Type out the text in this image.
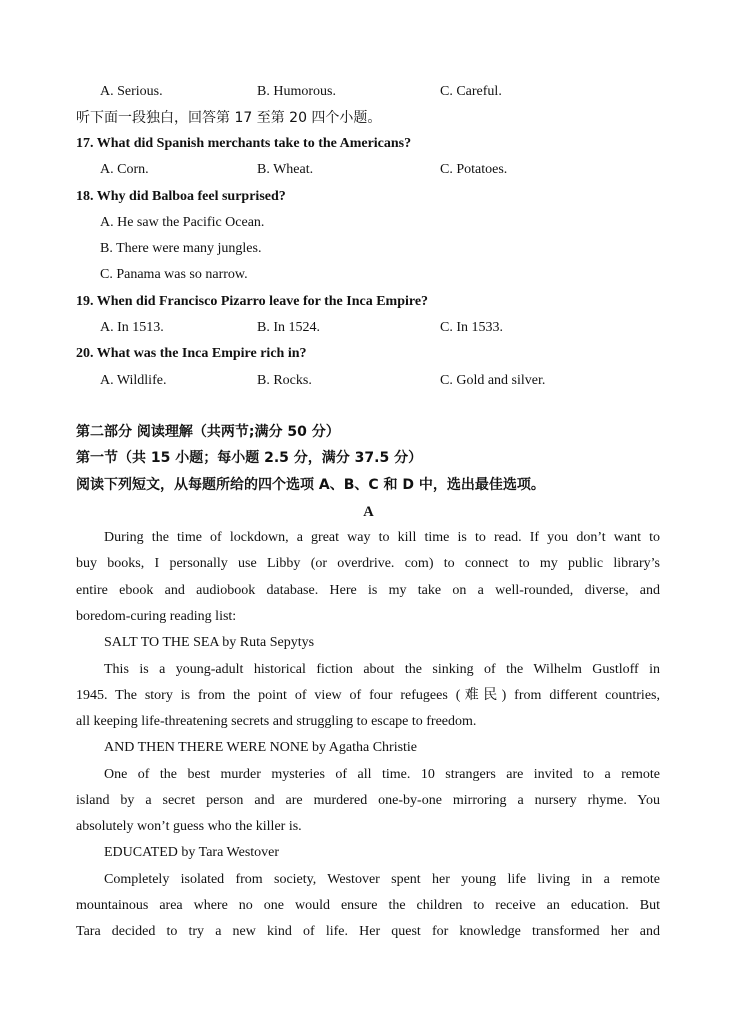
A. Serious.	B. Humorous.	C. Careful.
听下面一段独白，回答第 17 至第 20 四个小题。
17. What did Spanish merchants take to the Americans?
A. Corn.	B. Wheat.	C. Potatoes.
18. Why did Balboa feel surprised?
A. He saw the Pacific Ocean.
B. There were many jungles.
C. Panama was so narrow.
19. When did Francisco Pizarro leave for the Inca Empire?
A. In 1513.	B. In 1524.	C. In 1533.
20. What was the Inca Empire rich in?
A. Wildlife.	B. Rocks.	C. Gold and silver.
第二部分 阅读理解（共两节;满分 50 分）
第一节（共 15 小题；每小题 2.5 分，满分 37.5 分）
阅读下列短文，从每题所给的四个选项 A、B、C 和 D 中，选出最佳选项。
A
During the time of lockdown, a great way to kill time is to read. If you don’t want to
buy books, I personally use Libby (or overdrive. com) to connect to my public library’s
entire ebook and audiobook database. Here is my take on a well-rounded, diverse, and
boredom-curing reading list:
SALT TO THE SEA by Ruta Sepytys
This is a young-adult historical fiction about the sinking of the Wilhelm Gustloff in
1945. The story is from the point of view of four refugees (难民) from different countries,
all keeping life-threatening secrets and struggling to escape to freedom.
AND THEN THERE WERE NONE by Agatha Christie
One of the best murder mysteries of all time. 10 strangers are invited to a remote
island by a secret person and are murdered one-by-one mirroring a nursery rhyme. You
absolutely won’t guess who the killer is.
EDUCATED by Tara Westover
Completely isolated from society, Westover spent her young life living in a remote
mountainous area where no one would ensure the children to receive an education. But
Tara decided to try a new kind of life. Her quest for knowledge transformed her and
